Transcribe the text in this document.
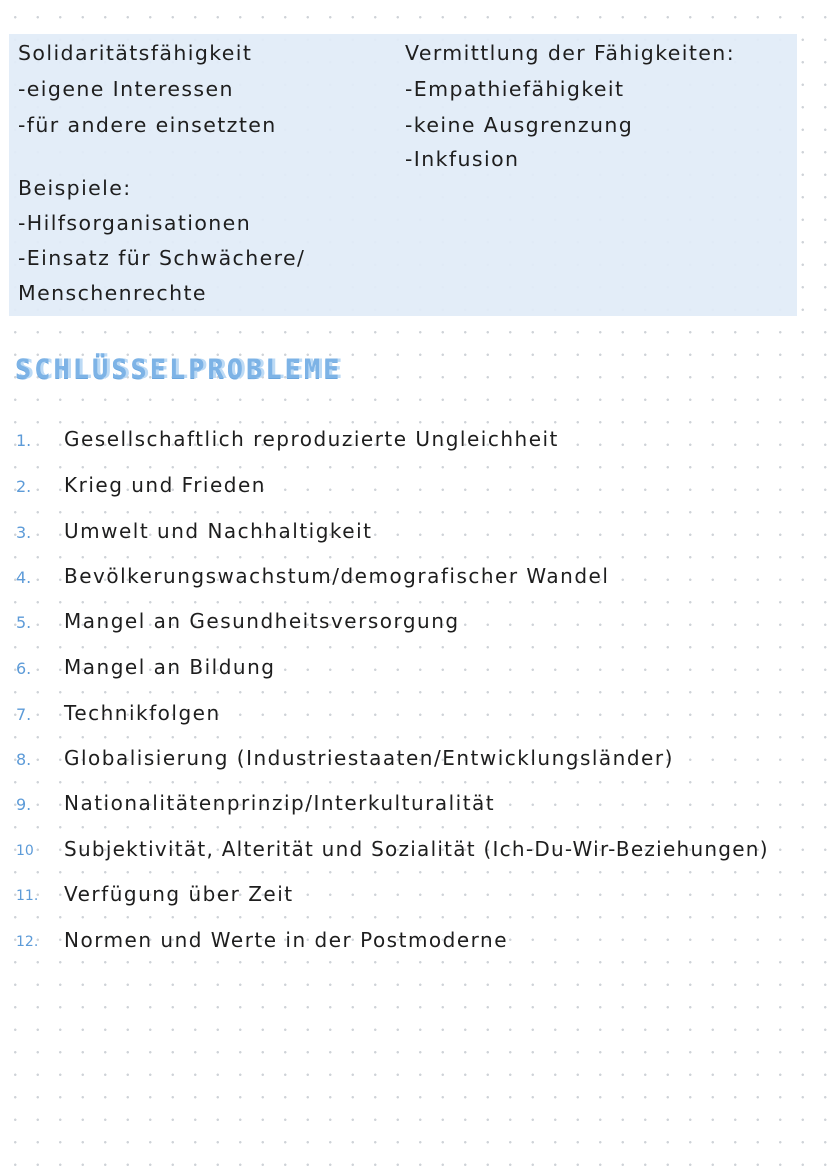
Solidaritätsfähigkeit
-eigene Interessen
-für andere einsetzten
Beispiele:
-Hilfsorganisationen
-Einsatz für Schwächere/
Menschenrechte
Vermittlung der Fähigkeiten:
-Empathiefähigkeit
-keine Ausgrenzung
-Inkfusion
SCHLÜSSELPROBLEME
1. Gesellschaftlich reproduzierte Ungleichheit
2. Krieg und Frieden
3. Umwelt und Nachhaltigkeit
4. Bevölkerungswachstum/demografischer Wandel
5. Mangel an Gesundheitsversorgung
6. Mangel an Bildung
7. Technikfolgen
8. Globalisierung (Industriestaaten/Entwicklungsländer)
9. Nationalitätenprinzip/Interkulturalität
10 Subjektivität, Alterität und Sozialität (Ich-Du-Wir-Beziehungen)
11. Verfügung über Zeit
12. Normen und Werte in der Postmoderne
